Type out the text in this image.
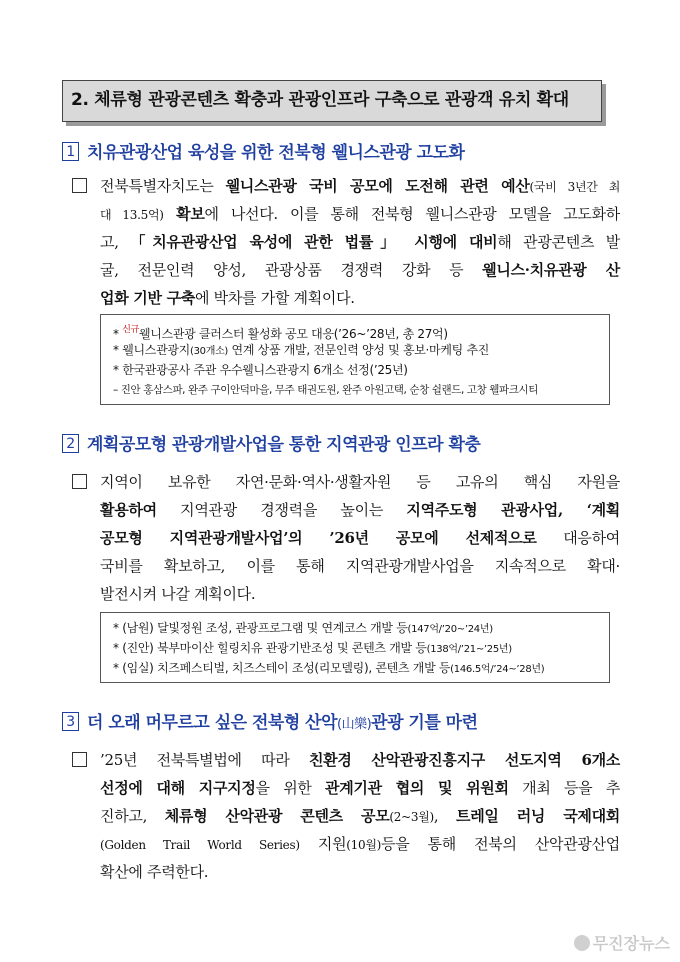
2. 체류형 관광콘텐츠 확충과 관광인프라 구축으로 관광객 유치 확대
1 치유관광산업 육성을 위한 전북형 웰니스관광 고도화
전북특별자치도는 웰니스관광 국비 공모에 도전해 관련 예산(국비 3년간 최
대 13.5억) 확보에 나선다. 이를 통해 전북형 웰니스관광 모델을 고도화하
고, 「치유관광산업 육성에 관한 법률」 시행에 대비해 관광콘텐츠 발
굴, 전문인력 양성, 관광상품 경쟁력 강화 등 웰니스·치유관광 산
업화 기반 구축에 박차를 가할 계획이다.
* $^{신규}$웰니스관광 클러스터 활성화 공모 대응(’26~’28년, 총 27억)
* 웰니스관광지(30개소) 연계 상품 개발, 전문인력 양성 및 홍보·마케팅 추진
* 한국관광공사 주관 우수웰니스관광지 6개소 선정(’25년)
– 진안 홍삼스파, 완주 구이안덕마을, 무주 태권도원, 완주 아원고택, 순창 쉴랜드, 고창 웰파크시티
2 계획공모형 관광개발사업을 통한 지역관광 인프라 확충
지역이 보유한 자연·문화·역사·생활자원 등 고유의 핵심 자원을
활용하여 지역관광 경쟁력을 높이는 지역주도형 관광사업, ‘계획
공모형 지역관광개발사업’의 ’26년 공모에 선제적으로 대응하여
국비를 확보하고, 이를 통해 지역관광개발사업을 지속적으로 확대·
발전시켜 나갈 계획이다.
* (남원) 달빛정원 조성, 관광프로그램 및 연계코스 개발 등(147억/’20~’24년)
* (진안) 북부마이산 힐링치유 관광기반조성 및 콘텐츠 개발 등(138억/’21~’25년)
* (임실) 치즈페스티벌, 치즈스테이 조성(리모델링), 콘텐츠 개발 등(146.5억/’24~’28년)
3 더 오래 머무르고 싶은 전북형 산악(山樂)관광 기틀 마련
’25년 전북특별법에 따라 친환경 산악관광진흥지구 선도지역 6개소
선정에 대해 지구지정을 위한 관계기관 협의 및 위원회 개최 등을 추
진하고, 체류형 산악관광 콘텐츠 공모(2~3월), 트레일 러닝 국제대회
(Golden Trail World Series) 지원(10월)등을 통해 전북의 산악관광산업
확산에 주력한다.
무진장뉴스
